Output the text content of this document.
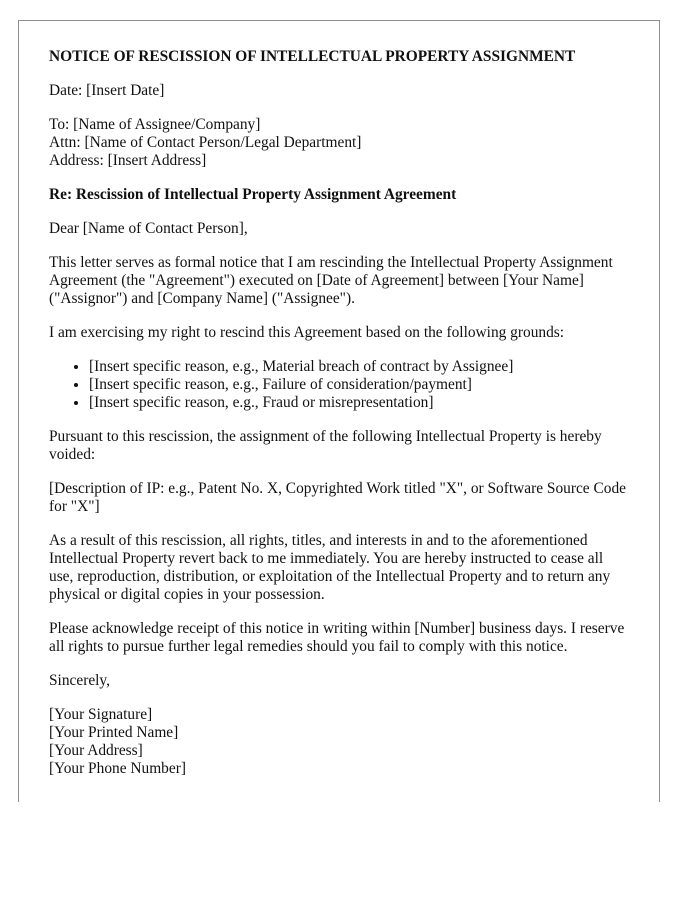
NOTICE OF RESCISSION OF INTELLECTUAL PROPERTY ASSIGNMENT

Date: [Insert Date]

To: [Name of Assignee/Company]
Attn: [Name of Contact Person/Legal Department]
Address: [Insert Address]

Re: Rescission of Intellectual Property Assignment Agreement

Dear [Name of Contact Person],

This letter serves as formal notice that I am rescinding the Intellectual Property Assignment Agreement (the "Agreement") executed on [Date of Agreement] between [Your Name] ("Assignor") and [Company Name] ("Assignee").

I am exercising my right to rescind this Agreement based on the following grounds:

• [Insert specific reason, e.g., Material breach of contract by Assignee]
• [Insert specific reason, e.g., Failure of consideration/payment]
• [Insert specific reason, e.g., Fraud or misrepresentation]

Pursuant to this rescission, the assignment of the following Intellectual Property is hereby voided:

[Description of IP: e.g., Patent No. X, Copyrighted Work titled "X", or Software Source Code for "X"]

As a result of this rescission, all rights, titles, and interests in and to the aforementioned Intellectual Property revert back to me immediately. You are hereby instructed to cease all use, reproduction, distribution, or exploitation of the Intellectual Property and to return any physical or digital copies in your possession.

Please acknowledge receipt of this notice in writing within [Number] business days. I reserve all rights to pursue further legal remedies should you fail to comply with this notice.

Sincerely,

[Your Signature]
[Your Printed Name]
[Your Address]
[Your Phone Number]
